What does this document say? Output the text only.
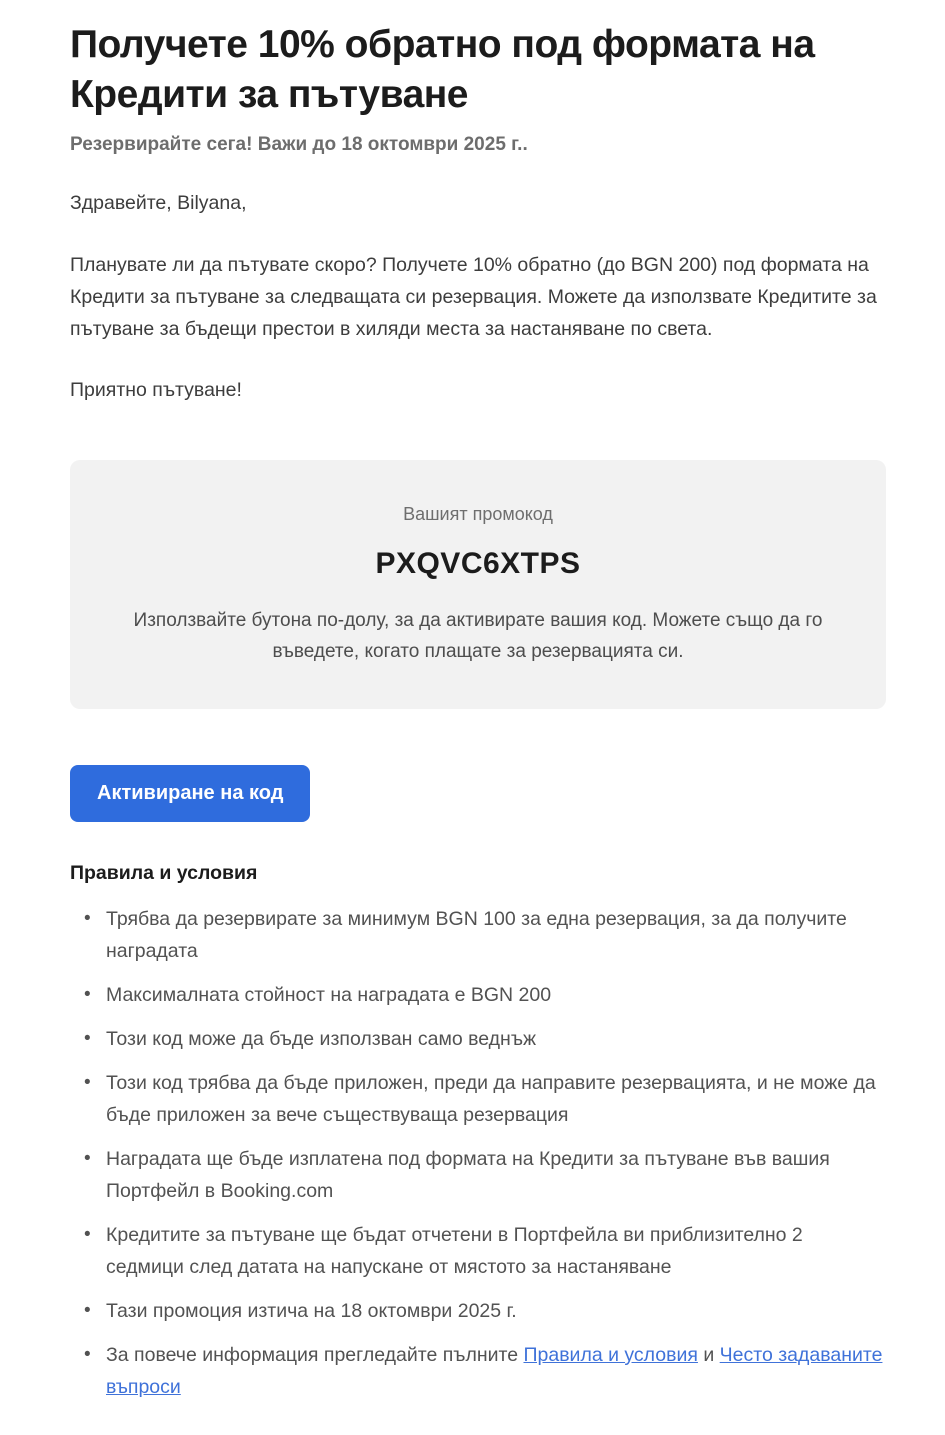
Получете 10% обратно под формата на Кредити за пътуване
Резервирайте сега! Важи до 18 октомври 2025 г..
Здравейте, Bilyana,
Планувате ли да пътувате скоро? Получете 10% обратно (до BGN 200) под формата на Кредити за пътуване за следващата си резервация. Можете да използвате Кредитите за пътуване за бъдещи престои в хиляди места за настаняване по света.
Приятно пътуване!
Вашият промокод
PXQVC6XTPS
Използвайте бутона по-долу, за да активирате вашия код. Можете също да го въведете, когато плащате за резервацията си.
Активиране на код
Правила и условия
• Трябва да резервирате за минимум BGN 100 за една резервация, за да получите наградата
• Максималната стойност на наградата е BGN 200
• Този код може да бъде използван само веднъж
• Този код трябва да бъде приложен, преди да направите резервацията, и не може да бъде приложен за вече съществуваща резервация
• Наградата ще бъде изплатена под формата на Кредити за пътуване във вашия Портфейл в Booking.com
• Кредитите за пътуване ще бъдат отчетени в Портфейла ви приблизително 2 седмици след датата на напускане от мястото за настаняване
• Тази промоция изтича на 18 октомври 2025 г.
• За повече информация прегледайте пълните Правила и условия и Често задаваните въпроси
